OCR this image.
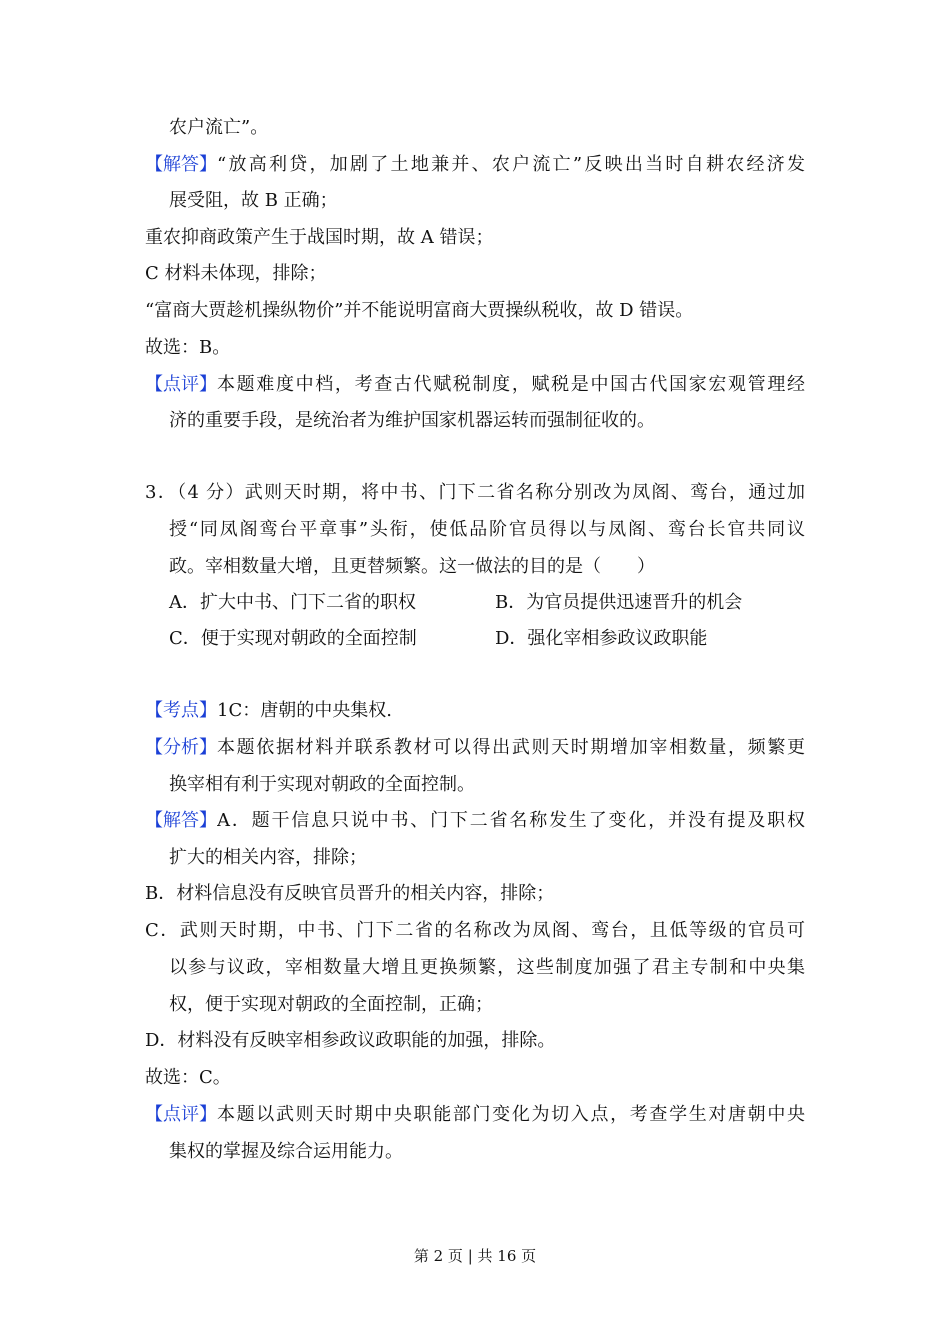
农户流亡”。
【解答】 “放高利贷，加剧了土地兼并、农户流亡”反映出当时自耕农经济发
展受阻，故 B 正确；
重农抑商政策产生于战国时期，故 A 错误；
C 材料未体现，排除；
“富商大贾趁机操纵物价”并不能说明富商大贾操纵税收，故 D 错误。
故选：B。
【点评】 本题难度中档，考查古代赋税制度，赋税是中国古代国家宏观管理经
济的重要手段，是统治者为维护国家机器运转而强制征收的。
3．（4 分）武则天时期，将中书、门下二省名称分别改为凤阁、鸾台，通过加
授“同凤阁鸾台平章事”头衔，使低品阶官员得以与凤阁、鸾台长官共同议
政。宰相数量大增，且更替频繁。这一做法的目的是（　　）
A．扩大中书、门下二省的职权	B．为官员提供迅速晋升的机会
C．便于实现对朝政的全面控制	D．强化宰相参政议政职能
【考点】1C：唐朝的中央集权.
【分析】 本题依据材料并联系教材可以得出武则天时期增加宰相数量，频繁更
换宰相有利于实现对朝政的全面控制。
【解答】 A．题干信息只说中书、门下二省名称发生了变化，并没有提及职权
扩大的相关内容，排除；
B．材料信息没有反映官员晋升的相关内容，排除；
C．武则天时期，中书、门下二省的名称改为凤阁、鸾台，且低等级的官员可
以参与议政，宰相数量大增且更换频繁，这些制度加强了君主专制和中央集
权，便于实现对朝政的全面控制，正确；
D．材料没有反映宰相参政议政职能的加强，排除。
故选：C。
【点评】 本题以武则天时期中央职能部门变化为切入点，考查学生对唐朝中央
集权的掌握及综合运用能力。
第 2 页 | 共 16 页
